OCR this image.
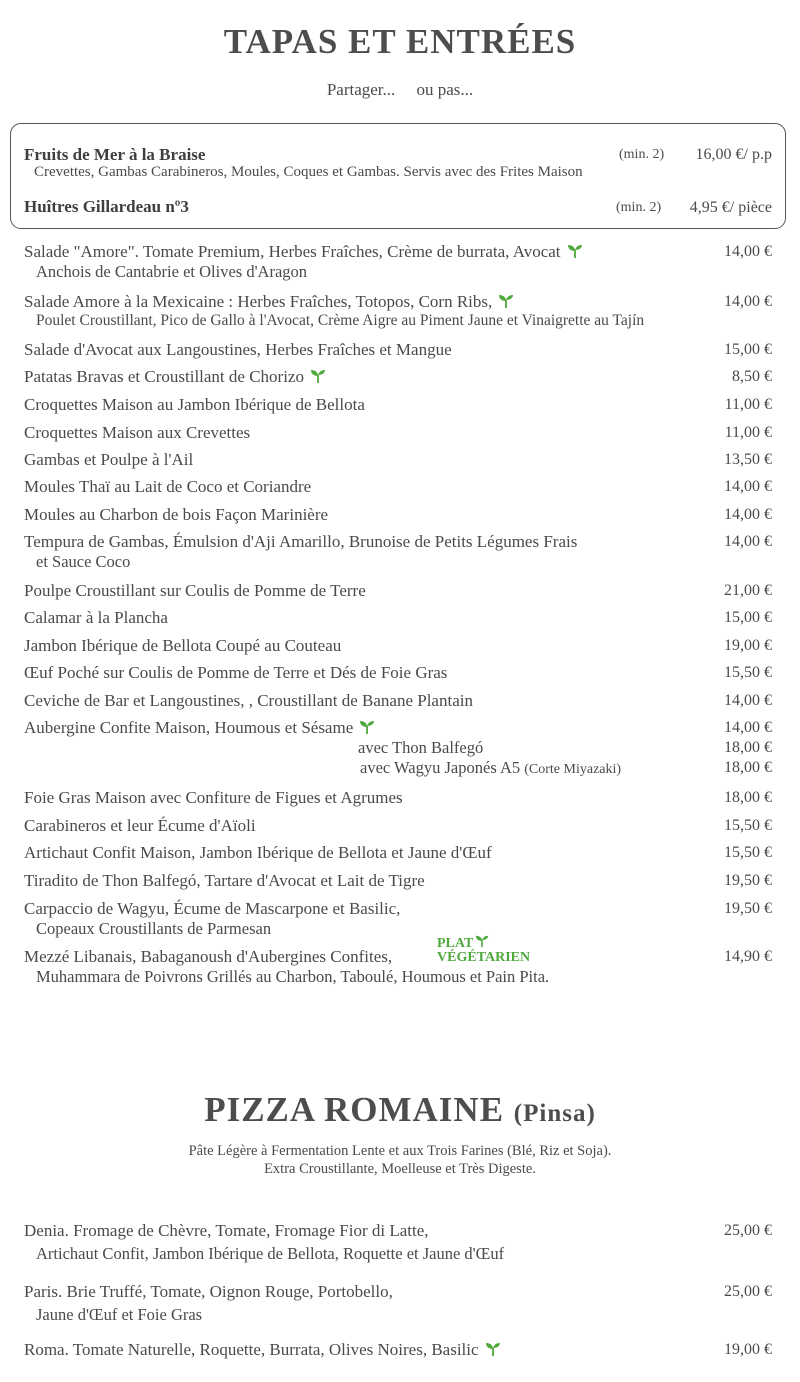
TAPAS ET ENTRÉES
Partager...     ou pas...
Fruits de Mer à la Braise	(min. 2) 16,00 €/ p.p
Crevettes, Gambas Carabineros, Moules, Coques et Gambas. Servis avec des Frites Maison
Huîtres Gillardeau nº3	(min. 2) 4,95 €/ pièce
Salade "Amore". Tomate Premium, Herbes Fraîches, Crème de burrata, Avocat
Anchois de Cantabrie et Olives d'Aragon
14,00 €
Salade Amore à la Mexicaine : Herbes Fraîches, Totopos, Corn Ribs,
Poulet Croustillant, Pico de Gallo à l'Avocat, Crème Aigre au Piment Jaune et Vinaigrette au Tajín
14,00 €
Salade d'Avocat aux Langoustines, Herbes Fraîches et Mangue	15,00 €
Patatas Bravas et Croustillant de Chorizo	8,50 €
Croquettes Maison au Jambon Ibérique de Bellota	11,00 €
Croquettes Maison aux Crevettes	11,00 €
Gambas et Poulpe à l'Ail	13,50 €
Moules Thaï au Lait de Coco et Coriandre	14,00 €
Moules au Charbon de bois Façon Marinière	14,00 €
Tempura de Gambas, Émulsion d'Aji Amarillo, Brunoise de Petits Légumes Frais
et Sauce Coco
14,00 €
Poulpe Croustillant sur Coulis de Pomme de Terre	21,00 €
Calamar à la Plancha	15,00 €
Jambon Ibérique de Bellota Coupé au Couteau	19,00 €
Œuf Poché sur Coulis de Pomme de Terre et Dés de Foie Gras	15,50 €
Ceviche de Bar et Langoustines, , Croustillant de Banane Plantain	14,00 €
Aubergine Confite Maison, Houmous et Sésame	14,00 €
avec Thon Balfegó	18,00 €
avec Wagyu Japonés A5 (Corte Miyazaki)	18,00 €
Foie Gras Maison avec Confiture de Figues et Agrumes	18,00 €
Carabineros et leur Écume d'Aïoli	15,50 €
Artichaut Confit Maison, Jambon Ibérique de Bellota et Jaune d'Œuf	15,50 €
Tiradito de Thon Balfegó, Tartare d'Avocat et Lait de Tigre	19,50 €
Carpaccio de Wagyu, Écume de Mascarpone et Basilic,
Copeaux Croustillants de Parmesan
19,50 €
Mezzé Libanais, Babaganoush d'Aubergines Confites,
Muhammara de Poivrons Grillés au Charbon, Taboulé, Houmous et Pain Pita.
14,90 €
PLAT
VÉGÉTARIEN
PIZZA ROMAINE (Pinsa)
Pâte Légère à Fermentation Lente et aux Trois Farines (Blé, Riz et Soja).
Extra Croustillante, Moelleuse et Très Digeste.
Denia. Fromage de Chèvre, Tomate, Fromage Fior di Latte,
Artichaut Confit, Jambon Ibérique de Bellota, Roquette et Jaune d'Œuf
25,00 €
Paris. Brie Truffé, Tomate, Oignon Rouge, Portobello,
Jaune d'Œuf et Foie Gras
25,00 €
Roma. Tomate Naturelle, Roquette, Burrata, Olives Noires, Basilic	19,00 €
